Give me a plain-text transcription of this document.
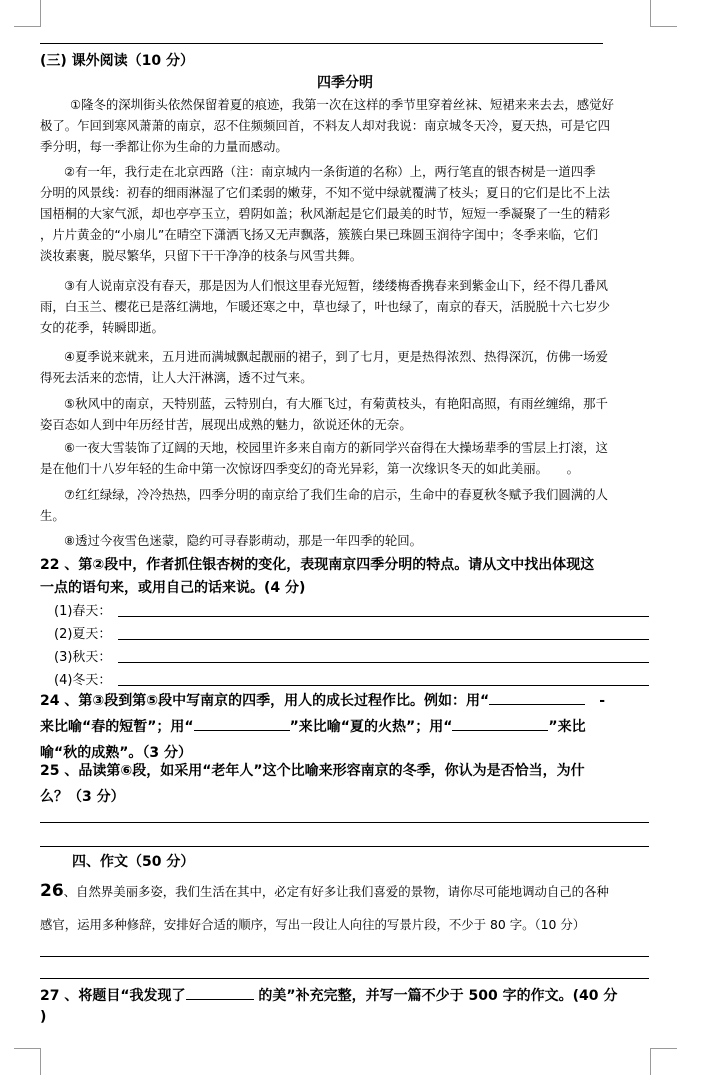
(三) 课外阅读（10 分）
四季分明
①隆冬的深圳街头依然保留着夏的痕迹，我第一次在这样的季节里穿着丝袜、短裙来来去去，感觉好
极了。乍回到寒风萧萧的南京，忍不住频频回首，不料友人却对我说：南京城冬天冷，夏天热，可是它四
季分明，每一季都让你为生命的力量而感动。
②有一年，我行走在北京西路（注：南京城内一条街道的名称）上，两行笔直的银杏树是一道四季
分明的风景线：初春的细雨淋湿了它们柔弱的嫩芽，不知不觉中绿就覆满了枝头；夏日的它们是比不上法
国梧桐的大家气派，却也亭亭玉立，碧阴如盖；秋风渐起是它们最美的时节，短短一季凝聚了一生的精彩
，片片黄金的“小扇儿”在晴空下潇洒飞扬又无声飘落，簇簇白果已珠圆玉润待字闺中；冬季来临，它们
淡妆素裹，脱尽繁华，只留下干干净净的枝条与风雪共舞。
③有人说南京没有春天，那是因为人们恨这里春光短暂，缕缕梅香携春来到紫金山下，经不得几番风
雨，白玉兰、樱花已是落红满地，乍暖还寒之中，草也绿了，叶也绿了，南京的春天，活脱脱十六七岁少
女的花季，转瞬即逝。
④夏季说来就来，五月进而满城飘起靓丽的裙子，到了七月，更是热得浓烈、热得深沉，仿佛一场爱
得死去活来的恋情，让人大汗淋漓，透不过气来。
⑤秋风中的南京，天特别蓝，云特别白，有大雁飞过，有菊黄枝头，有艳阳高照，有雨丝缠绵，那千
姿百态如人到中年历经甘苦，展现出成熟的魅力，欲说还休的无奈。
⑥一夜大雪装饰了辽阔的天地，校园里许多来自南方的新同学兴奋得在大操场辈季的雪层上打滚，这
是在他们十八岁年轻的生命中第一次惊讶四季变幻的奇光异彩，第一次缘识冬天的如此美丽。　　。
⑦红红绿绿，冷冷热热，四季分明的南京给了我们生命的启示，生命中的春夏秋冬赋予我们圆满的人
生。
⑧透过今夜雪色迷蒙，隐约可寻春影萌动，那是一年四季的轮回。
22 、第②段中，作者抓住银杏树的变化，表现南京四季分明的特点。请从文中找出体现这
一点的语句来，或用自己的话来说。(4 分)
(1)春天：
(2)夏天：
(3)秋天：
(4)冬天：
24 、第③段到第⑤段中写南京的四季，用人的成长过程作比。例如：用“	-
来比喻“春的短暂”；用“	”来比喻“夏的火热”；用“	”来比
喻“秋的成熟”。（3 分）
25 、品读第⑥段，如采用“老年人”这个比喻来形容南京的冬季，你认为是否恰当，为什
么？（3 分）
四、作文（50 分）
26、自然界美丽多姿，我们生活在其中，必定有好多让我们喜爱的景物，请你尽可能地调动自己的各种
感官，运用多种修辞，安排好合适的顺序，写出一段让人向往的写景片段，不少于 80 字。（10 分）
27 、将题目“我发现了	的美”补充完整，并写一篇不少于 500 字的作文。(40 分
)
